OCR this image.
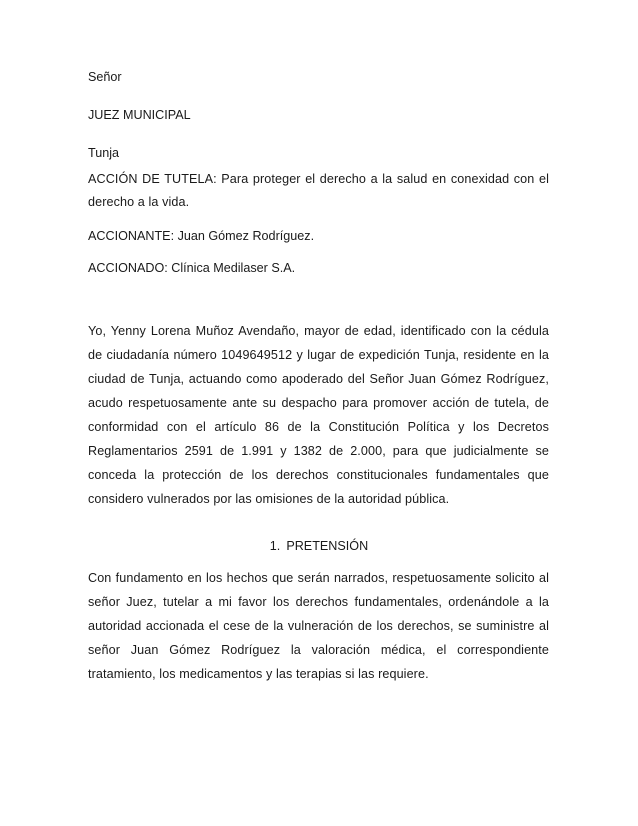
Señor

JUEZ MUNICIPAL

Tunja

ACCIÓN DE TUTELA: Para proteger el derecho a la salud en conexidad con el derecho a la vida.

ACCIONANTE: Juan Gómez Rodríguez.

ACCIONADO: Clínica Medilaser S.A.

Yo, Yenny Lorena Muñoz Avendaño, mayor de edad, identificado con la cédula de ciudadanía número 1049649512 y lugar de expedición Tunja, residente en la ciudad de Tunja, actuando como apoderado del Señor Juan Gómez Rodríguez, acudo respetuosamente ante su despacho para promover acción de tutela, de conformidad con el artículo 86 de la Constitución Política y los Decretos Reglamentarios 2591 de 1.991 y 1382 de 2.000, para que judicialmente se conceda la protección de los derechos constitucionales fundamentales que considero vulnerados por las omisiones de la autoridad pública.

1. PRETENSIÓN

Con fundamento en los hechos que serán narrados, respetuosamente solicito al señor Juez, tutelar a mi favor los derechos fundamentales, ordenándole a la autoridad accionada el cese de la vulneración de los derechos, se suministre al señor Juan Gómez Rodríguez la valoración médica, el correspondiente tratamiento, los medicamentos y las terapias si las requiere.
